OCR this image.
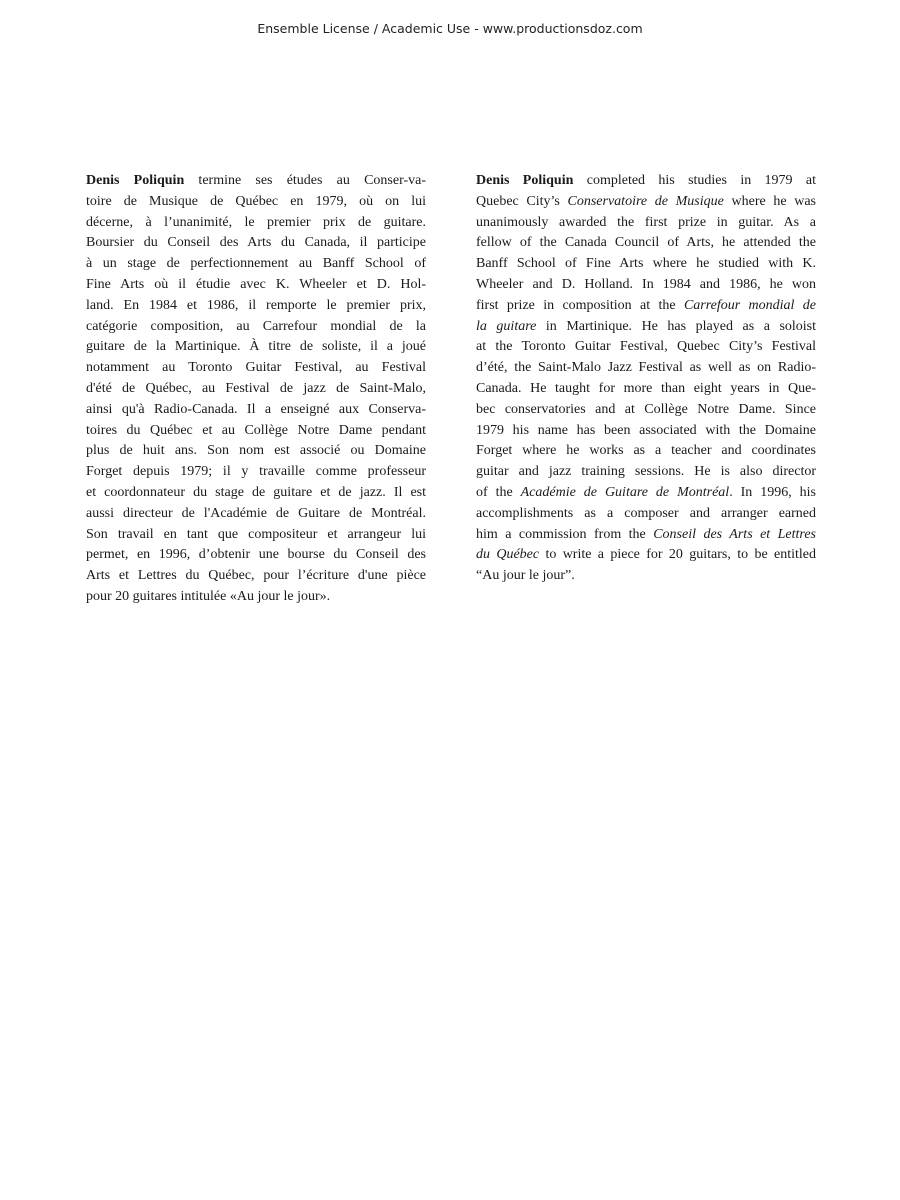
Ensemble License / Academic Use - www.productionsdoz.com
Denis Poliquin termine ses études au Conser-va-
toire de Musique de Québec en 1979, où on lui
décerne, à l’unanimité, le premier prix de guitare.
Boursier du Conseil des Arts du Canada, il participe
à un stage de perfectionnement au Banff School of
Fine Arts où il étudie avec K. Wheeler et D. Hol-
land. En 1984 et 1986, il remporte le premier prix,
catégorie composition, au Carrefour mondial de la
guitare de la Martinique. À titre de soliste, il a joué
notamment au Toronto Guitar Festival, au Festival
d'été de Québec, au Festival de jazz de Saint-Malo,
ainsi qu'à Radio-Canada. Il a enseigné aux Conserva-
toires du Québec et au Collège Notre Dame pendant
plus de huit ans. Son nom est associé ou Domaine
Forget depuis 1979; il y travaille comme professeur
et coordonnateur du stage de guitare et de jazz. Il est
aussi directeur de l'Académie de Guitare de Montréal.
Son travail en tant que compositeur et arrangeur lui
permet, en 1996, d’obtenir une bourse du Conseil des
Arts et Lettres du Québec, pour l’écriture d'une pièce
pour 20 guitares intitulée «Au jour le jour».
Denis Poliquin completed his studies in 1979 at
Quebec City’s Conservatoire de Musique where he was
unanimously awarded the first prize in guitar. As a
fellow of the Canada Council of Arts, he attended the
Banff School of Fine Arts where he studied with K.
Wheeler and D. Holland. In 1984 and 1986, he won
first prize in composition at the Carrefour mondial de
la guitare in Martinique. He has played as a soloist
at the Toronto Guitar Festival, Quebec City’s Festival
d’été, the Saint-Malo Jazz Festival as well as on Radio-
Canada. He taught for more than eight years in Que-
bec conservatories and at Collège Notre Dame. Since
1979 his name has been associated with the Domaine
Forget where he works as a teacher and coordinates
guitar and jazz training sessions. He is also director
of the Académie de Guitare de Montréal. In 1996, his
accomplishments as a composer and arranger earned
him a commission from the Conseil des Arts et Lettres
du Québec to write a piece for 20 guitars, to be entitled
“Au jour le jour”.
